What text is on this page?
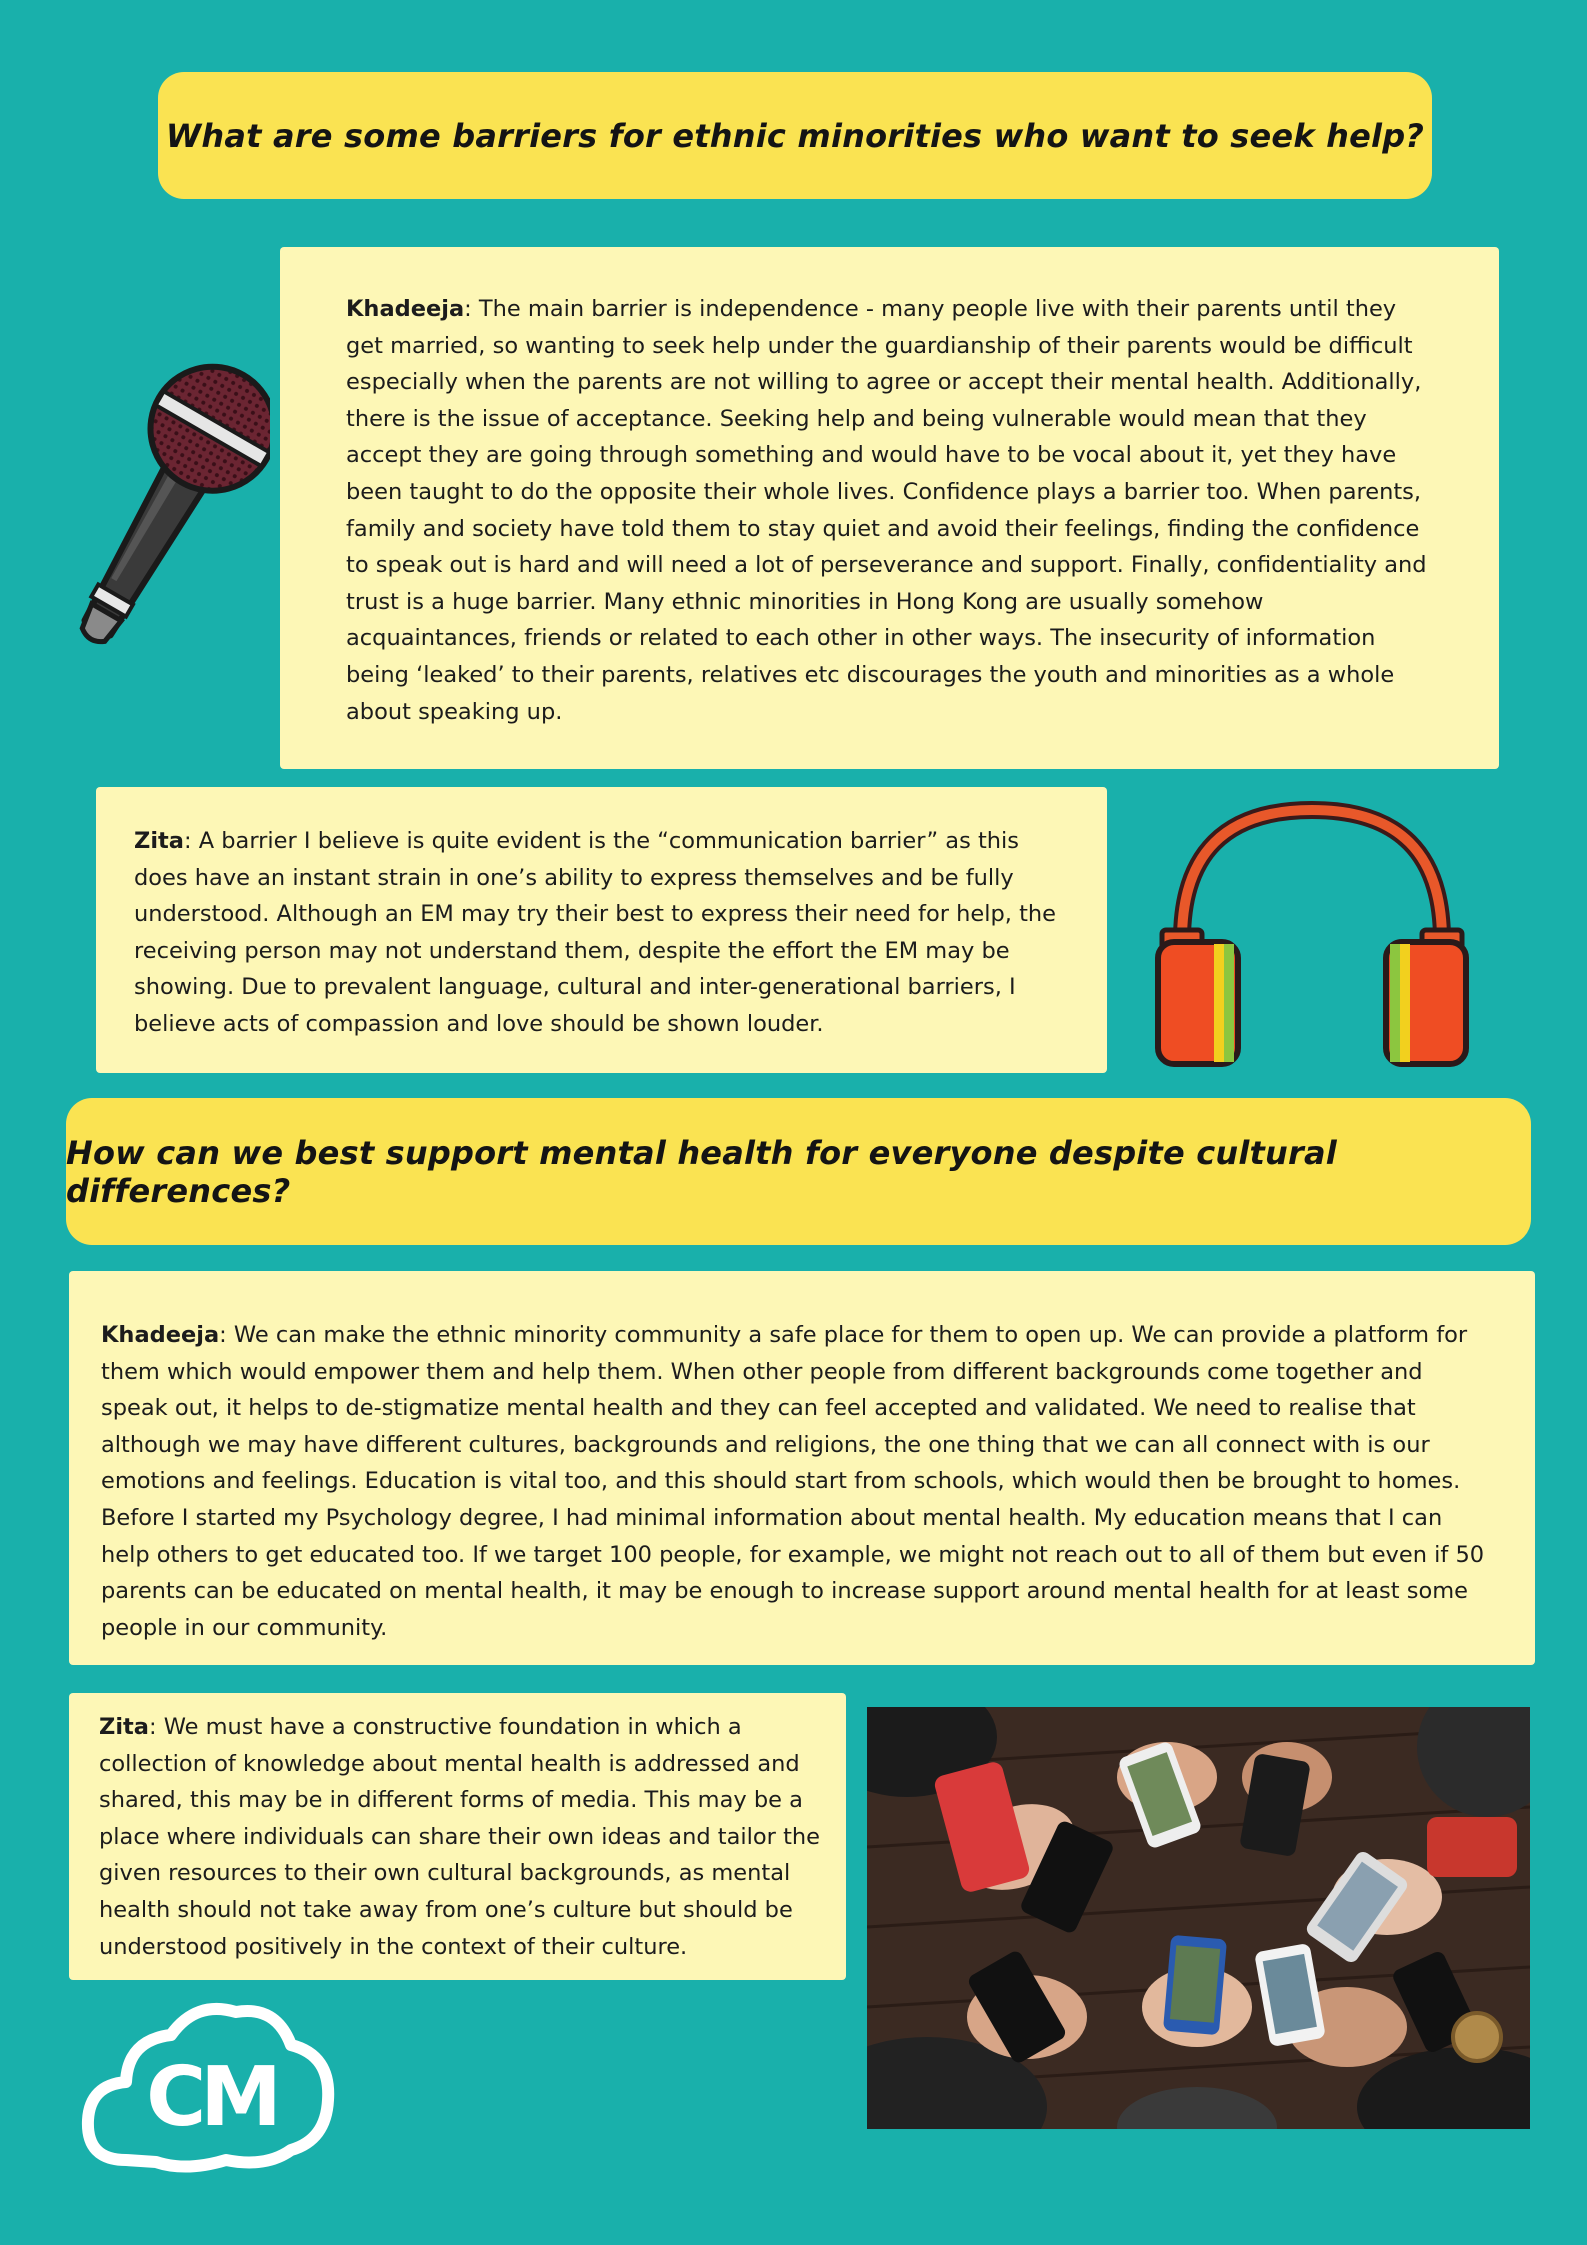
What are some barriers for ethnic minorities who want to seek help?

Khadeeja: The main barrier is independence - many people live with their parents until they get married, so wanting to seek help under the guardianship of their parents would be difficult especially when the parents are not willing to agree or accept their mental health. Additionally, there is the issue of acceptance. Seeking help and being vulnerable would mean that they accept they are going through something and would have to be vocal about it, yet they have been taught to do the opposite their whole lives. Confidence plays a barrier too. When parents, family and society have told them to stay quiet and avoid their feelings, finding the confidence to speak out is hard and will need a lot of perseverance and support. Finally, confidentiality and trust is a huge barrier. Many ethnic minorities in Hong Kong are usually somehow acquaintances, friends or related to each other in other ways. The insecurity of information being ‘leaked’ to their parents, relatives etc discourages the youth and minorities as a whole about speaking up.

Zita: A barrier I believe is quite evident is the “communication barrier” as this does have an instant strain in one’s ability to express themselves and be fully understood. Although an EM may try their best to express their need for help, the receiving person may not understand them, despite the effort the EM may be showing. Due to prevalent language, cultural and inter-generational barriers, I believe acts of compassion and love should be shown louder.

How can we best support mental health for everyone despite cultural differences?

Khadeeja: We can make the ethnic minority community a safe place for them to open up. We can provide a platform for them which would empower them and help them. When other people from different backgrounds come together and speak out, it helps to de-stigmatize mental health and they can feel accepted and validated. We need to realise that although we may have different cultures, backgrounds and religions, the one thing that we can all connect with is our emotions and feelings. Education is vital too, and this should start from schools, which would then be brought to homes. Before I started my Psychology degree, I had minimal information about mental health. My education means that I can help others to get educated too. If we target 100 people, for example, we might not reach out to all of them but even if 50 parents can be educated on mental health, it may be enough to increase support around mental health for at least some people in our community.

Zita: We must have a constructive foundation in which a collection of knowledge about mental health is addressed and shared, this may be in different forms of media. This may be a place where individuals can share their own ideas and tailor the given resources to their own cultural backgrounds, as mental health should not take away from one’s culture but should be understood positively in the context of their culture.

CM
